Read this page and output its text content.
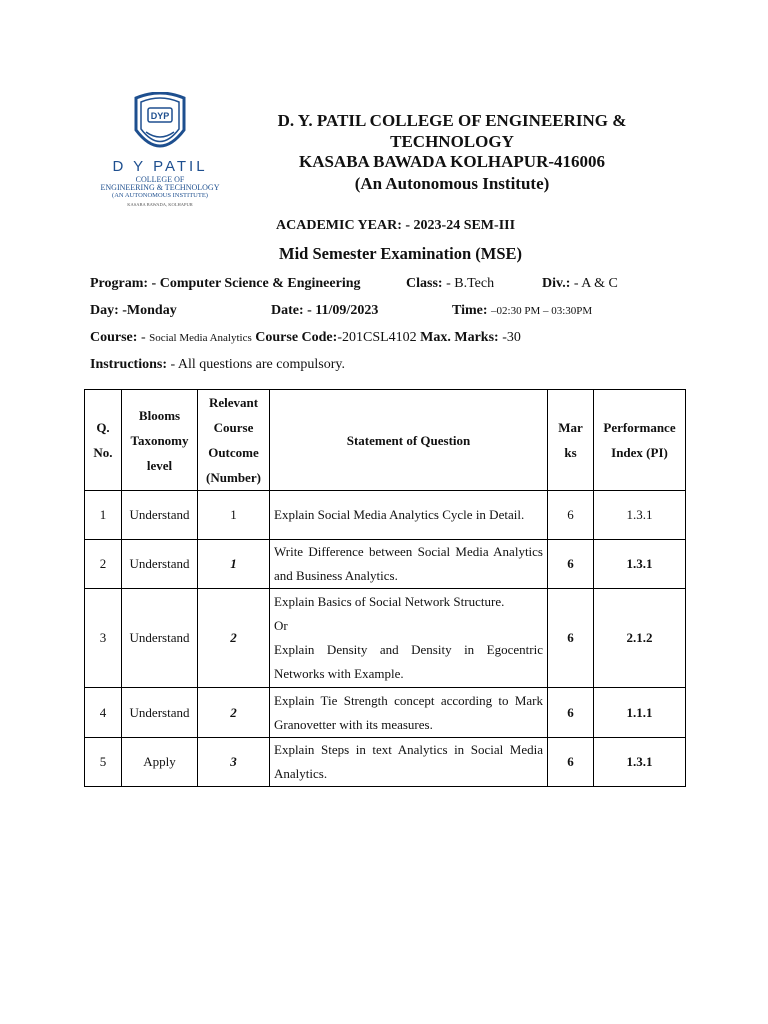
DYP
D Y PATIL
COLLEGE OF
ENGINEERING & TECHNOLOGY
(AN AUTONOMOUS INSTITUTE)
KASABA BAWADA, KOLHAPUR
D. Y. PATIL COLLEGE OF ENGINEERING &
TECHNOLOGY
KASABA BAWADA KOLHAPUR-416006
(An Autonomous Institute)
ACADEMIC YEAR: - 2023-24 SEM-III
Mid Semester Examination (MSE)
Program: - Computer Science & Engineering	Class: - B.Tech	Div.: - A & C
Day: -Monday	Date: - 11/09/2023	Time: –02:30 PM – 03:30PM
Course: - Social Media Analytics Course Code:-201CSL4102 Max. Marks: -30
Instructions: - All questions are compulsory.
Q. No.	Blooms Taxonomy level	Relevant Course Outcome (Number)	Statement of Question	Mar ks	Performance Index (PI)
1	Understand	1	Explain Social Media Analytics Cycle in Detail.	6	1.3.1
2	Understand	1	Write Difference between Social Media Analytics and Business Analytics.	6	1.3.1
3	Understand	2	Explain Basics of Social Network Structure.
Or
Explain Density and Density in Egocentric Networks with Example.	6	2.1.2
4	Understand	2	Explain Tie Strength concept according to Mark Granovetter with its measures.	6	1.1.1
5	Apply	3	Explain Steps in text Analytics in Social Media Analytics.	6	1.3.1
